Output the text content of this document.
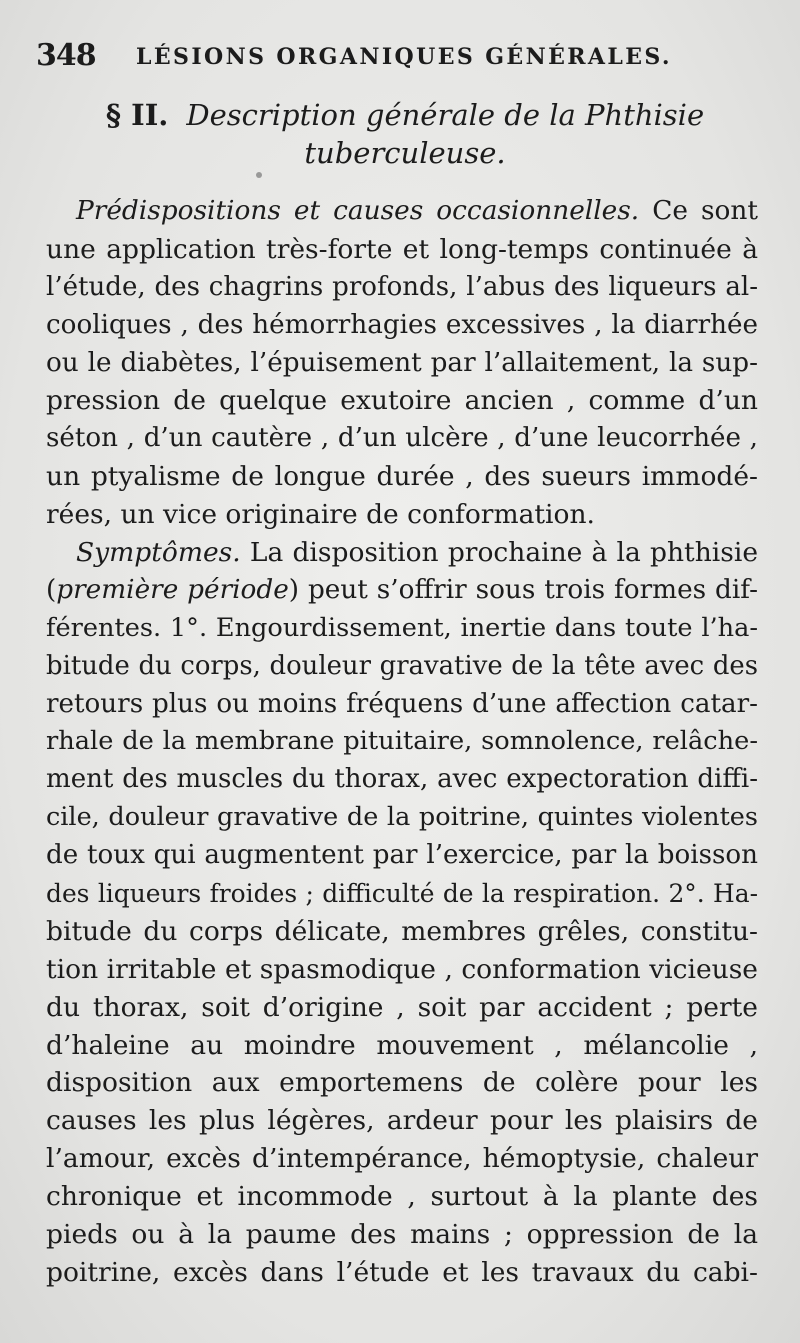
348 LÉSIONS ORGANIQUES GÉNÉRALES.
§ II. Description générale de la Phthisie
tuberculeuse.
Prédispositions et causes occasionnelles. Ce sont
une application très-forte et long-temps continuée à
l’étude, des chagrins profonds, l’abus des liqueurs al-
cooliques , des hémorrhagies excessives , la diarrhée
ou le diabètes, l’épuisement par l’allaitement, la sup-
pression de quelque exutoire ancien , comme d’un
séton , d’un cautère , d’un ulcère , d’une leucorrhée ,
un ptyalisme de longue durée , des sueurs immodé-
rées, un vice originaire de conformation.
Symptômes. La disposition prochaine à la phthisie
(première période) peut s’offrir sous trois formes dif-
férentes. 1°. Engourdissement, inertie dans toute l’ha-
bitude du corps, douleur gravative de la tête avec des
retours plus ou moins fréquens d’une affection catar-
rhale de la membrane pituitaire, somnolence, relâche-
ment des muscles du thorax, avec expectoration diffi-
cile, douleur gravative de la poitrine, quintes violentes
de toux qui augmentent par l’exercice, par la boisson
des liqueurs froides ; difficulté de la respiration. 2°. Ha-
bitude du corps délicate, membres grêles, constitu-
tion irritable et spasmodique , conformation vicieuse
du thorax, soit d’origine , soit par accident ; perte
d’haleine au moindre mouvement , mélancolie ,
disposition aux emportemens de colère pour les
causes les plus légères, ardeur pour les plaisirs de
l’amour, excès d’intempérance, hémoptysie, chaleur
chronique et incommode , surtout à la plante des
pieds ou à la paume des mains ; oppression de la
poitrine, excès dans l’étude et les travaux du cabi-
